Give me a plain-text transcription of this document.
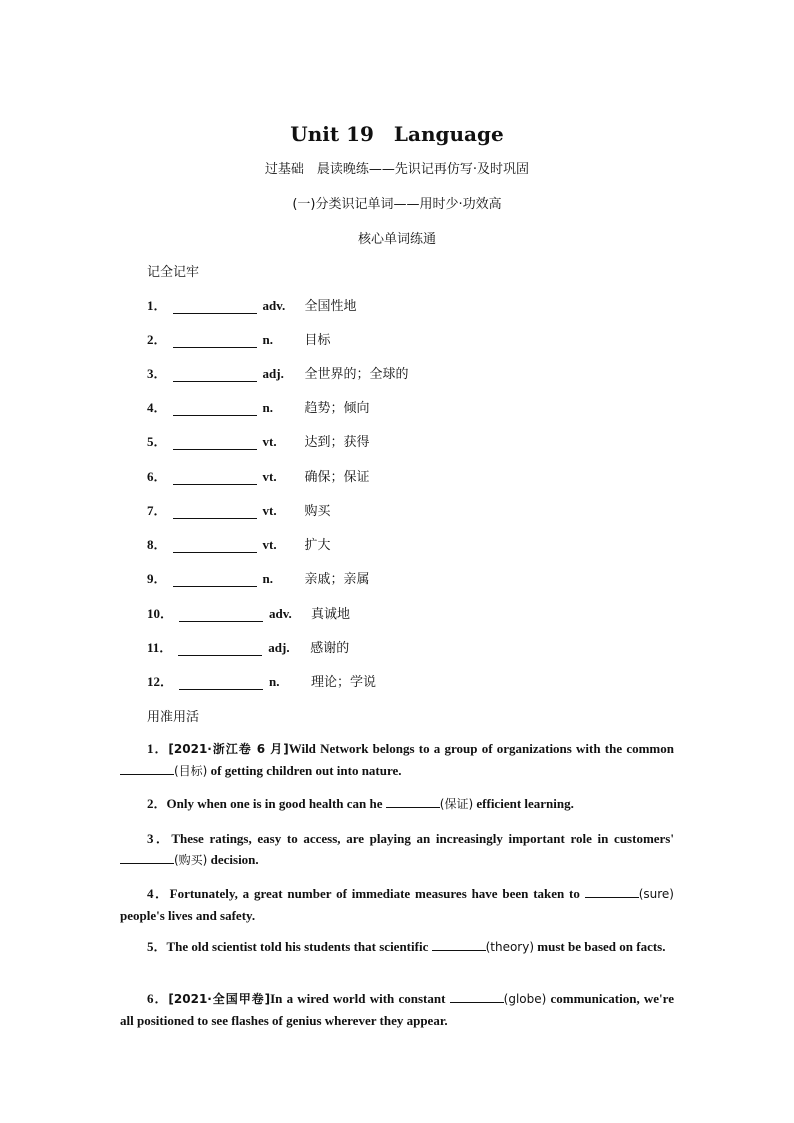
Unit 19 Language
过基础　晨读晚练——先识记再仿写·及时巩固
(一)分类识记单词——用时少·功效高
核心单词练通
记全记牢
1．	adv.	全国性地
2．	n.	目标
3．	adj.	全世界的；全球的
4．	n.	趋势；倾向
5．	vt.	达到；获得
6．	vt.	确保；保证
7．	vt.	购买
8．	vt.	扩大
9．	n.	亲戚；亲属
10．	adv.	真诚地
11．	adj.	感谢的
12．	n.	理论；学说
用准用活
1．[2021·浙江卷 6 月]Wild Network belongs to a group of organizations with the common (目标) of getting children out into nature.
2．Only when one is in good health can he	(保证) efficient learning.
3．These ratings, easy to access, are playing an increasingly important role in customers' (购买) decision.
4．Fortunately, a great number of immediate measures have been taken to	(sure) people's lives and safety.
5．The old scientist told his students that scientific	(theory) must be based on facts.
6．[2021·全国甲卷]In a wired world with constant	(globe) communication, we're all positioned to see flashes of genius wherever they appear.
